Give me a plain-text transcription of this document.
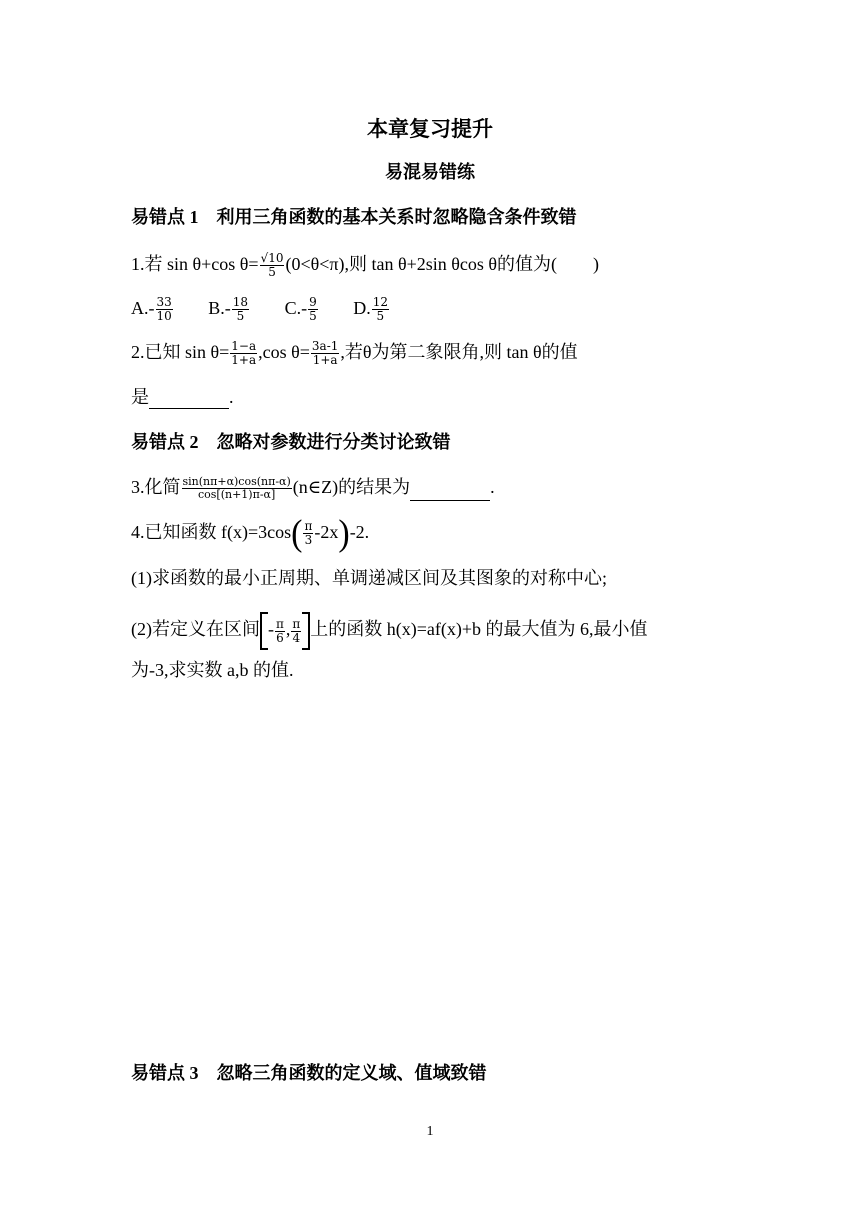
本章复习提升
易混易错练
易错点 1　利用三角函数的基本关系时忽略隐含条件致错
1.若 sin θ+cos $\theta= \frac{√10}{5} (0<\theta<\pi)$,则 tan θ+2sin θcos θ的值为(　　)
$A.- \frac{33}{10} B.- \frac{18}{5} C.- \frac{9}{5} D$. $\frac{12}{5}$
2.已知 $\sin \theta= \frac{1-a}{1+a} ,\cos$ $\theta= \frac{3a-1}{1+a}$ ,若θ为第二象限角,则 tan θ的值
是	.
易错点 2　忽略对参数进行分类讨论致错
3.化简 $\frac{\sin(n\pi+\alpha)\cos(n\pi-\alpha)}{\cos[(n+1)\pi-\alpha]}$ (n∈Z)的结果为	.
4.已知函数 $f(x)=3\cos( \frac{\pi}{3} -2x)-2$.
(1)求函数的最小正周期、单调递减区间及其图象的对称中心;
(2)若定义在区间 - $\frac{\pi}{6}$ , $\frac{\pi}{4}$ 上的函数 h(x)=af(x)+b 的最大值为 6,最小值
为-3,求实数 a,b 的值.
易错点 3　忽略三角函数的定义域、值域致错
1
